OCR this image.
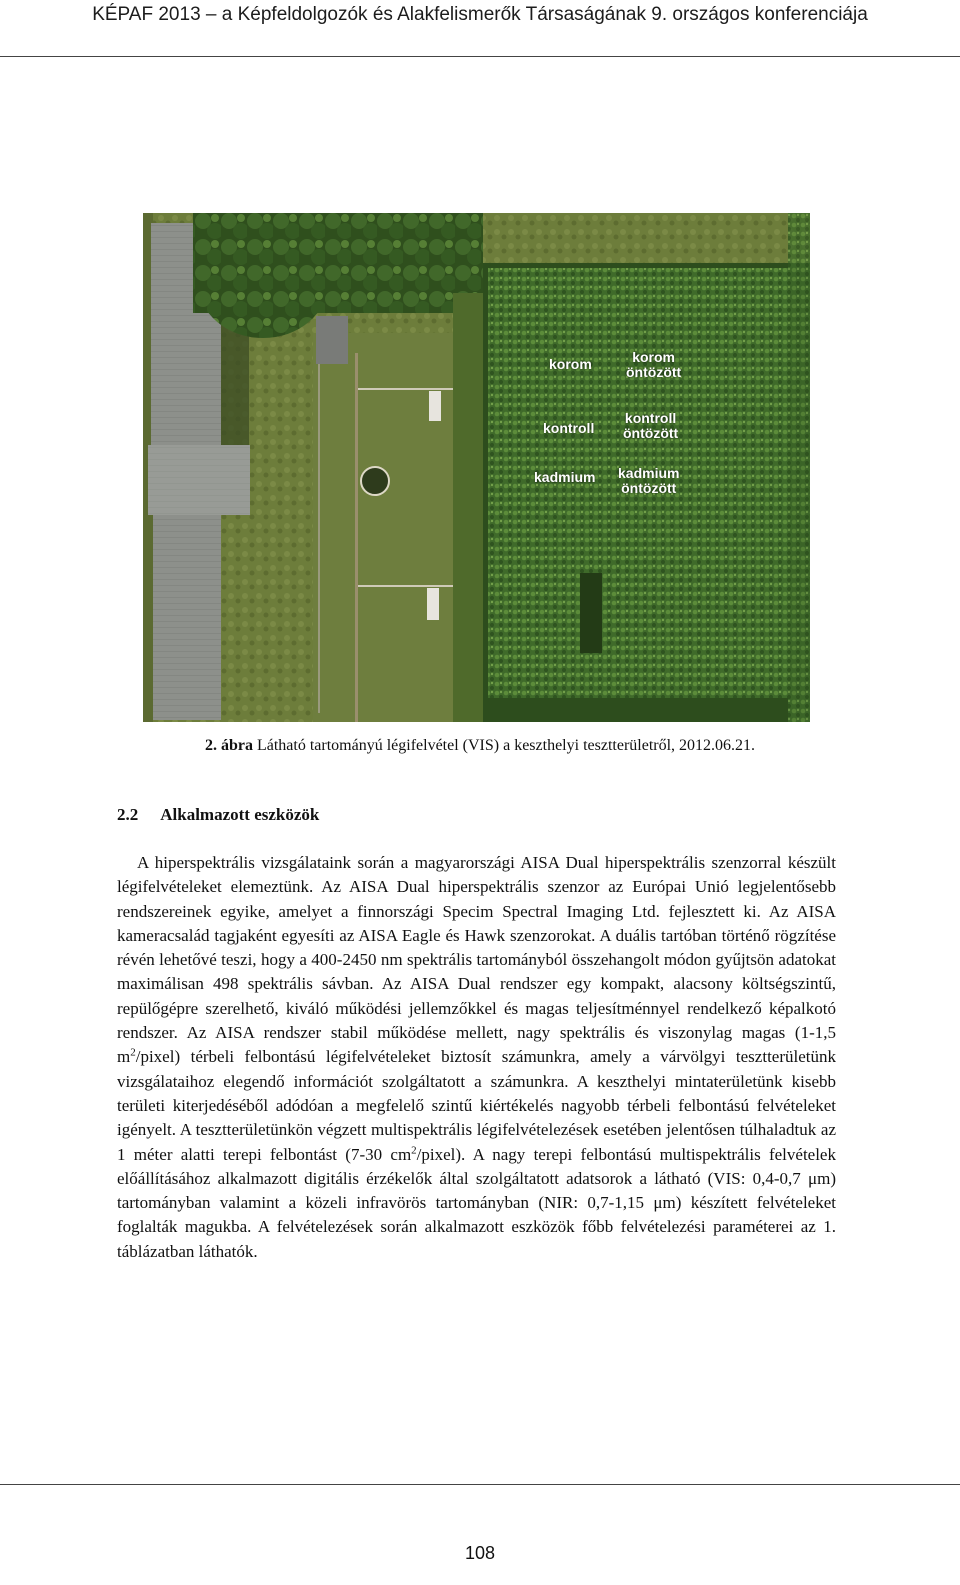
KÉPAF 2013 – a Képfeldolgozók és Alakfelismerők Társaságának 9. országos konferenciája
korom	korom
öntözött
kontroll
kontroll
öntözött
kadmium kadmium
öntözött
2. ábra Látható tartományú légifelvétel (VIS) a keszthelyi tesztterületről, 2012.06.21.
2.2 Alkalmazott eszközök
A hiperspektrális vizsgálataink során a magyarországi AISA Dual hiperspektrális szenzorral készült légifelvételeket elemeztünk. Az AISA Dual hiperspektrális szenzor az Európai Unió legjelentősebb rendszereinek egyike, amelyet a finnországi Specim Spectral Imaging Ltd. fejlesztett ki. Az AISA kameracsalád tagjaként egyesíti az AISA Eagle és Hawk szenzorokat. A duális tartóban történő rögzítése révén lehetővé teszi, hogy a 400-2450 nm spektrális tartományból összehangolt módon gyűjtsön adatokat maximálisan 498 spektrális sávban. Az AISA Dual rendszer egy kompakt, alacsony költségszintű, repülőgépre szerelhető, kiváló működési jellemzőkkel és magas teljesítménnyel rendelkező képalkotó rendszer. Az AISA rendszer stabil működése mellett, nagy spektrális és viszonylag magas (1-1,5 $m^2/pixel$) térbeli felbontású légifelvételeket biztosít számunkra, amely a várvölgyi tesztterületünk vizsgálataihoz elegendő információt szolgáltatott a számunkra. A keszthelyi mintaterületünk kisebb területi kiterjedéséből adódóan a megfelelő szintű kiértékelés nagyobb térbeli felbontású felvételeket igényelt. A tesztterületünkön végzett multispektrális légifelvételezések esetében jelentősen túlhaladtuk az 1 méter alatti terepi felbontást (7-30 $cm^2/pixel$). A nagy terepi felbontású multispektrális felvételek előállításához alkalmazott digitális érzékelők által szolgáltatott adatsorok a látható (VIS: 0,4-0,7 μm) tartományban valamint a közeli infravörös tartományban (NIR: 0,7-1,15 μm) készített felvételeket foglalták magukba. A felvételezések során alkalmazott eszközök főbb felvételezési paraméterei az 1. táblázatban láthatók.
108
